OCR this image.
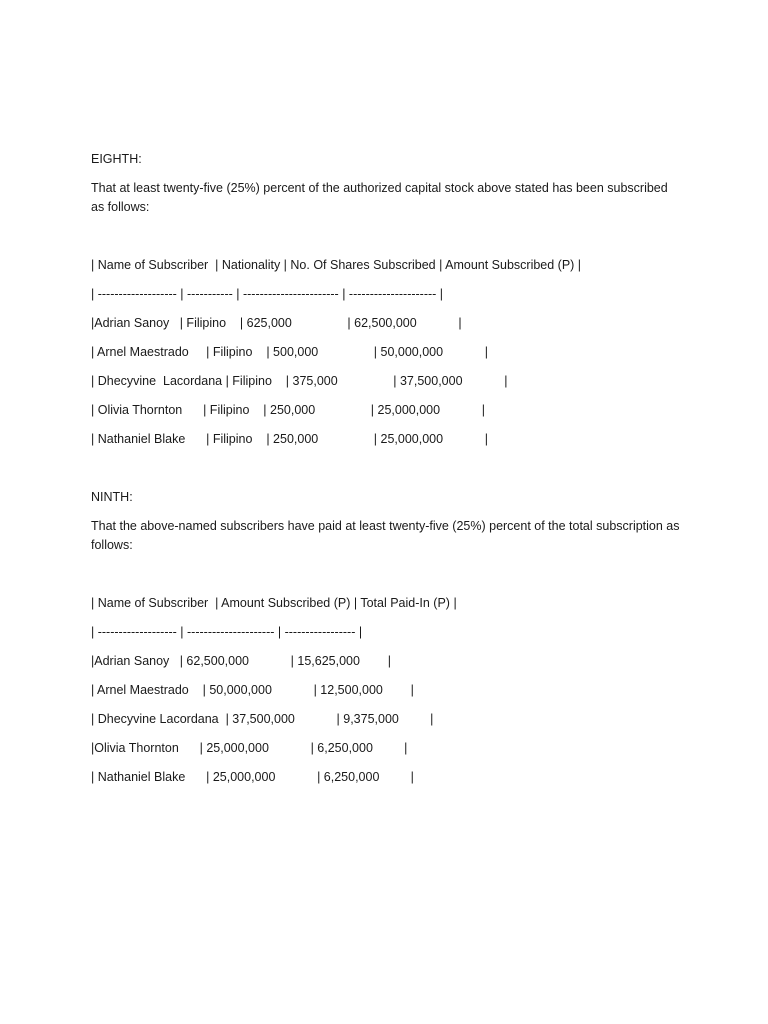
EIGHTH:
That at least twenty-five (25%) percent of the authorized capital stock above stated has been subscribed as follows:
| Name of Subscriber  | Nationality | No. Of Shares Subscribed | Amount Subscribed (P) |
| ------------------- | ----------- | ----------------------- | --------------------- |
|Adrian Sanoy   | Filipino    | 625,000                | 62,500,000            |
| Arnel Maestrado     | Filipino    | 500,000                | 50,000,000            |
| Dhecyvine  Lacordana | Filipino    | 375,000                | 37,500,000            |
| Olivia Thornton      | Filipino    | 250,000                | 25,000,000            |
| Nathaniel Blake      | Filipino    | 250,000                | 25,000,000            |
NINTH:
That the above-named subscribers have paid at least twenty-five (25%) percent of the total subscription as follows:
| Name of Subscriber  | Amount Subscribed (P) | Total Paid-In (P) |
| ------------------- | --------------------- | ----------------- |
|Adrian Sanoy   | 62,500,000            | 15,625,000        |
| Arnel Maestrado    | 50,000,000            | 12,500,000        |
| Dhecyvine Lacordana  | 37,500,000            | 9,375,000         |
|Olivia Thornton      | 25,000,000            | 6,250,000         |
| Nathaniel Blake      | 25,000,000            | 6,250,000         |
